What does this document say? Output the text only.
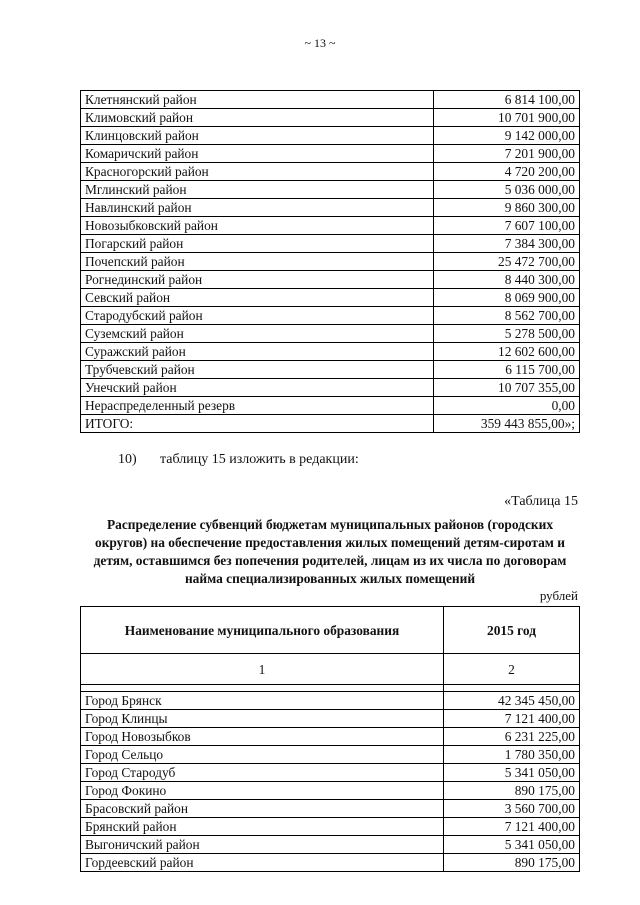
~ 13 ~
Клетнянский район	6 814 100,00
Климовский район	10 701 900,00
Клинцовский район	9 142 000,00
Комаричский район	7 201 900,00
Красногорский район	4 720 200,00
Мглинский район	5 036 000,00
Навлинский район	9 860 300,00
Новозыбковский район	7 607 100,00
Погарский район	7 384 300,00
Почепский район	25 472 700,00
Рогнединский район	8 440 300,00
Севский район	8 069 900,00
Стародубский район	8 562 700,00
Суземский район	5 278 500,00
Суражский район	12 602 600,00
Трубчевский район	6 115 700,00
Унечский район	10 707 355,00
Нераспределенный резерв	0,00
ИТОГО:	359 443 855,00»;
10) таблицу 15 изложить в редакции:
«Таблица 15
Распределение субвенций бюджетам муниципальных районов (городских округов) на обеспечение предоставления жилых помещений детям-сиротам и детям, оставшимся без попечения родителей, лицам из их числа по договорам найма специализированных жилых помещений
рублей
Наименование муниципального образования	2015 год
1	2

Город Брянск	42 345 450,00
Город Клинцы	7 121 400,00
Город Новозыбков	6 231 225,00
Город Сельцо	1 780 350,00
Город Стародуб	5 341 050,00
Город Фокино	890 175,00
Брасовский район	3 560 700,00
Брянский район	7 121 400,00
Выгоничский район	5 341 050,00
Гордеевский район	890 175,00
